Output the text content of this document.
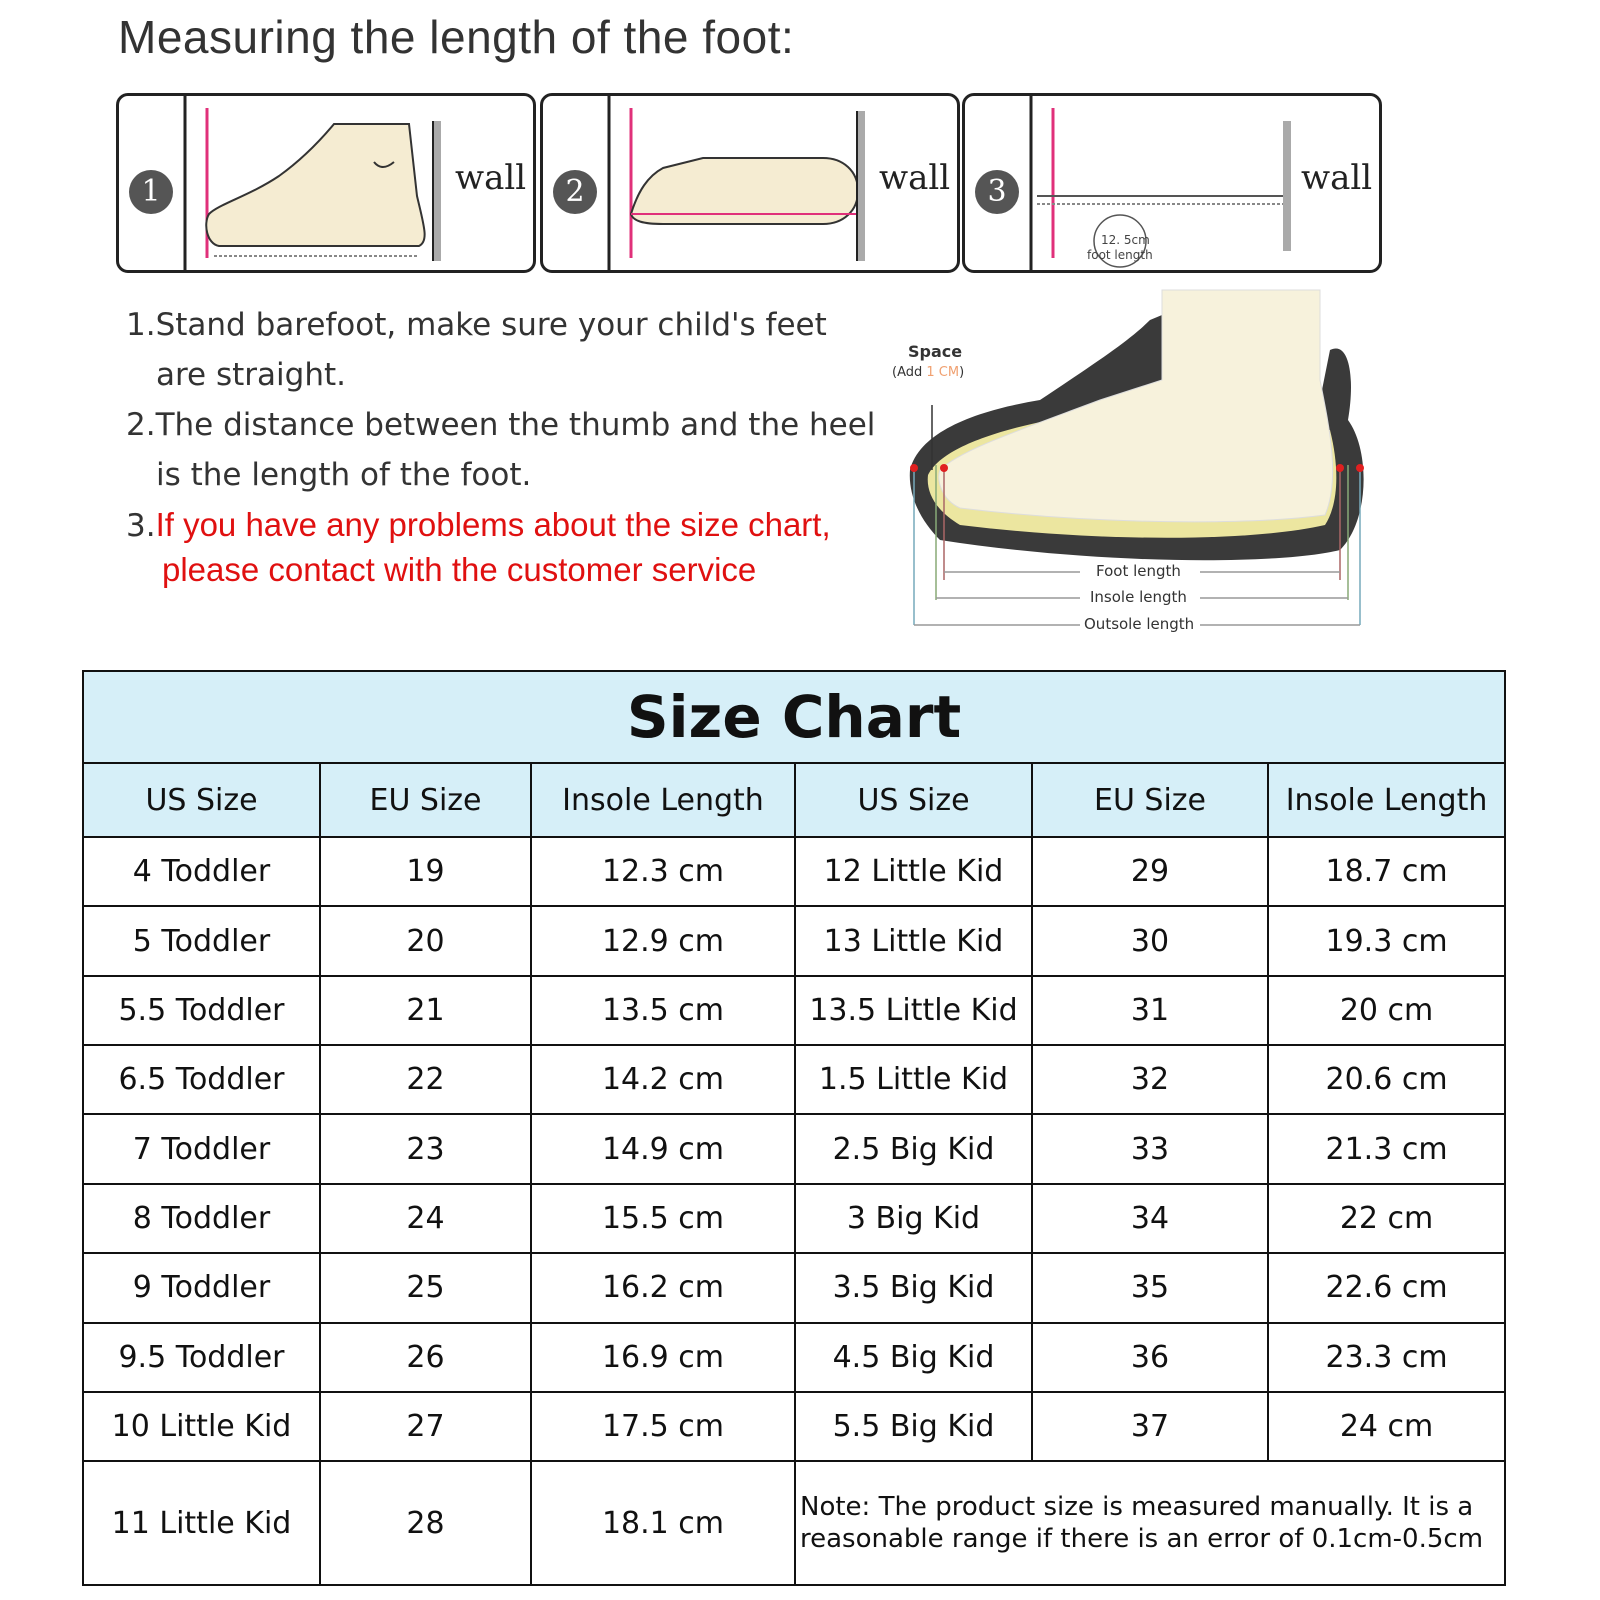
Measuring the length of the foot:
1	wall	2	wall	3	wall
12. 5cm
foot length
1.Stand barefoot, make sure your child's feet
are straight.
2.The distance between the thumb and the heel
is the length of the foot.
3.If you have any problems about the size chart,
please contact with the customer service
Space
(Add 1 CM)
Foot length
Insole length
Outsole length
Size Chart					
US Size	EU Size	Insole Length	US Size	EU Size	Insole Length
4 Toddler	19	12.3 cm	12 Little Kid	29	18.7 cm
5 Toddler	20	12.9 cm	13 Little Kid	30	19.3 cm
5.5 Toddler	21	13.5 cm	13.5 Little Kid	31	20 cm
6.5 Toddler	22	14.2 cm	1.5 Little Kid	32	20.6 cm
7 Toddler	23	14.9 cm	2.5 Big Kid	33	21.3 cm
8 Toddler	24	15.5 cm	3 Big Kid	34	22 cm
9 Toddler	25	16.2 cm	3.5 Big Kid	35	22.6 cm
9.5 Toddler	26	16.9 cm	4.5 Big Kid	36	23.3 cm
10 Little Kid	27	17.5 cm	5.5 Big Kid	37	24 cm
11 Little Kid	28	18.1 cm	Note: The product size is measured manually. It is a
reasonable range if there is an error of 0.1cm-0.5cm		
